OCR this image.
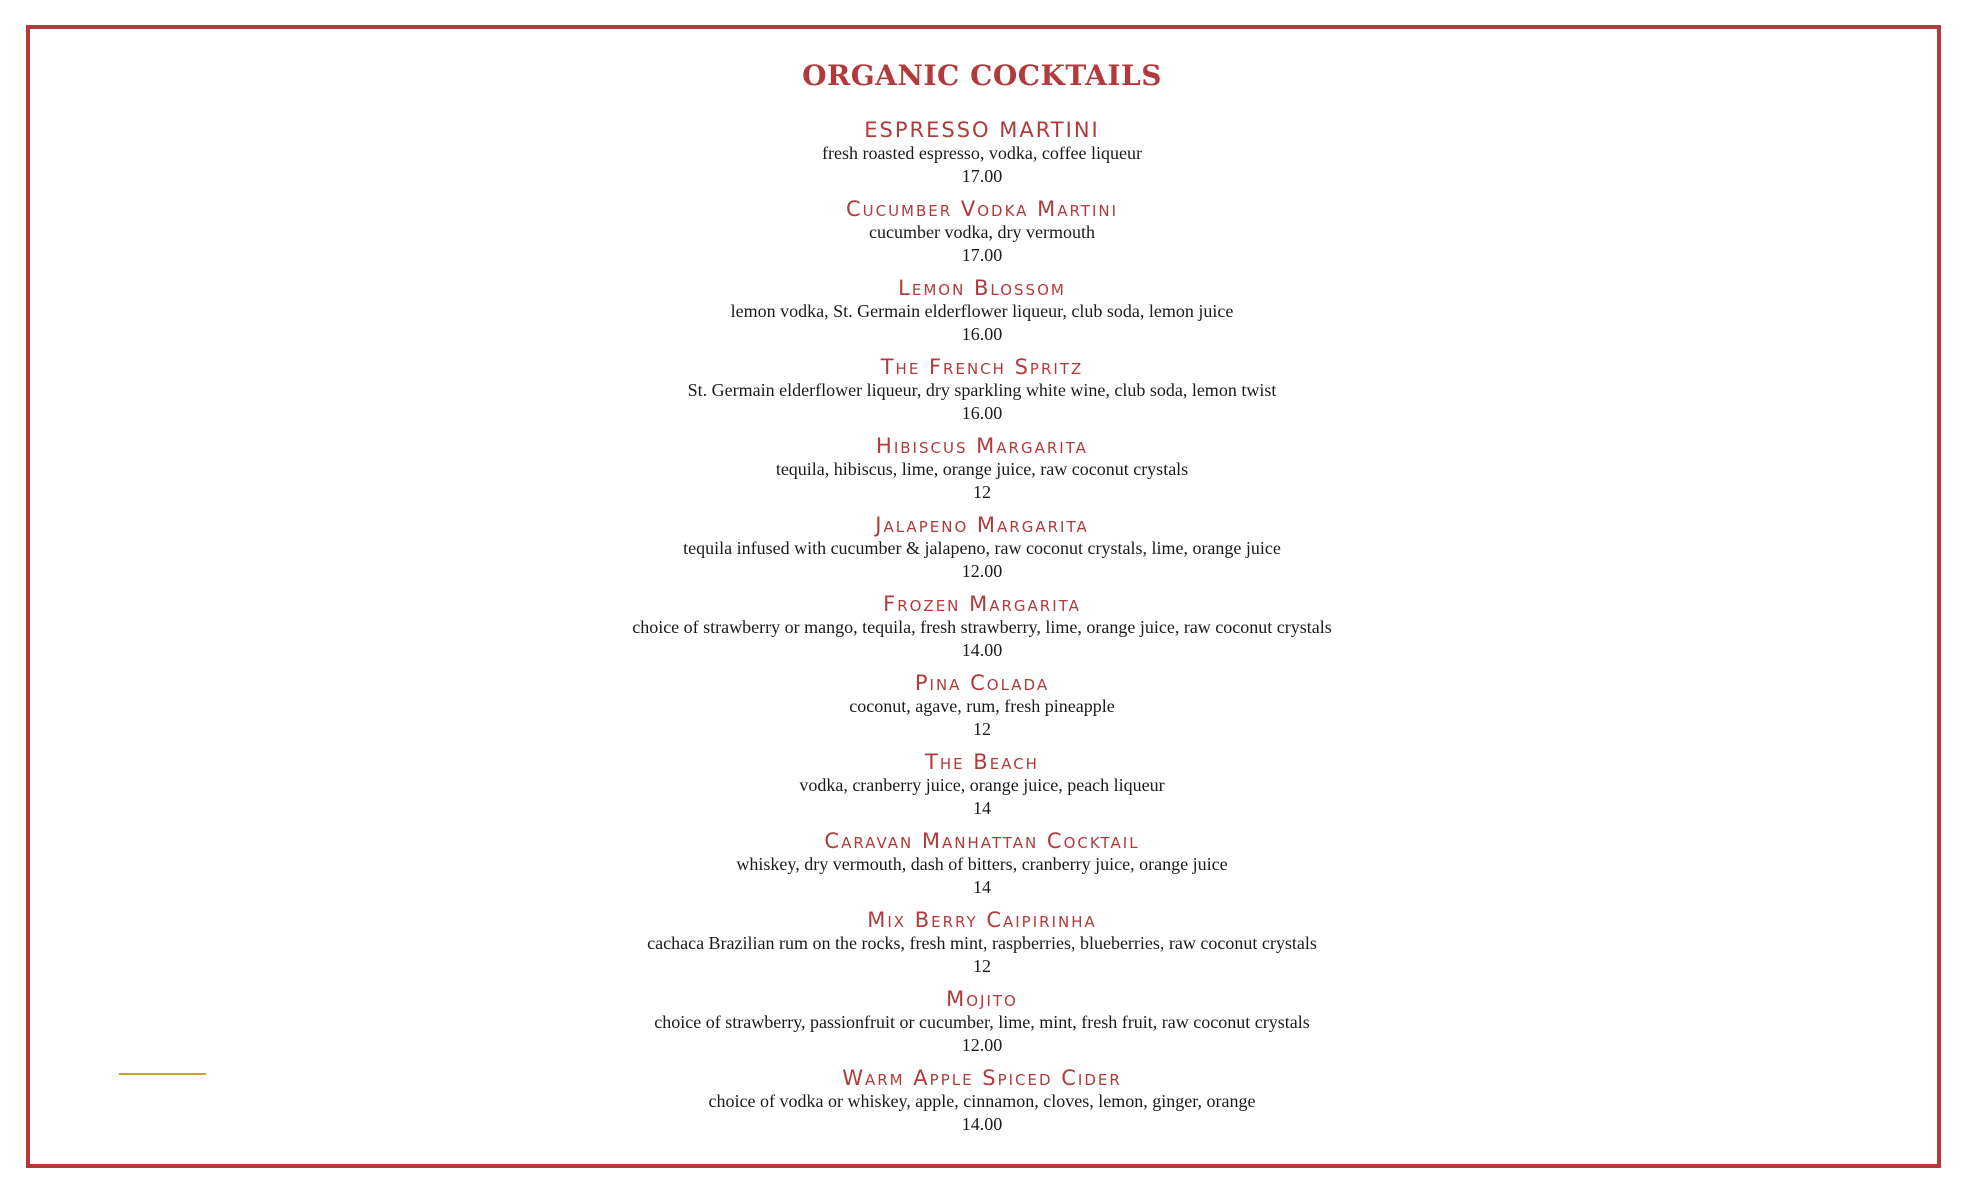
ORGANIC COCKTAILS
ESPRESSO MARTINI
fresh roasted espresso, vodka, coffee liqueur
17.00
Cucumber Vodka Martini
cucumber vodka, dry vermouth
17.00
Lemon Blossom
lemon vodka, St. Germain elderflower liqueur, club soda, lemon juice
16.00
The French Spritz
St. Germain elderflower liqueur, dry sparkling white wine, club soda, lemon twist
16.00
Hibiscus Margarita
tequila, hibiscus, lime, orange juice, raw coconut crystals
12
Jalapeno Margarita
tequila infused with cucumber & jalapeno, raw coconut crystals, lime, orange juice
12.00
Frozen Margarita
choice of strawberry or mango, tequila, fresh strawberry, lime, orange juice, raw coconut crystals
14.00
Pina Colada
coconut, agave, rum, fresh pineapple
12
The Beach
vodka, cranberry juice, orange juice, peach liqueur
14
Caravan Manhattan Cocktail
whiskey, dry vermouth, dash of bitters, cranberry juice, orange juice
14
Mix Berry Caipirinha
cachaca Brazilian rum on the rocks, fresh mint, raspberries, blueberries, raw coconut crystals
12
Mojito
choice of strawberry, passionfruit or cucumber, lime, mint, fresh fruit, raw coconut crystals
12.00
Warm Apple Spiced Cider
choice of vodka or whiskey, apple, cinnamon, cloves, lemon, ginger, orange
14.00
